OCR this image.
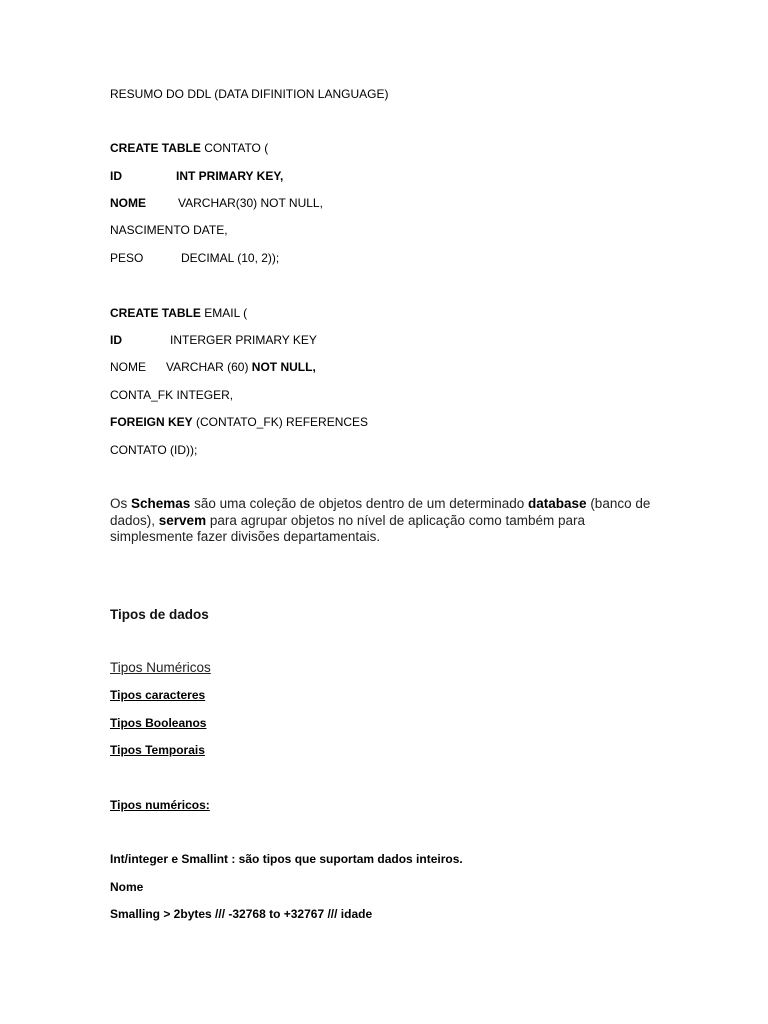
RESUMO DO DDL (DATA DIFINITION LANGUAGE)

CREATE TABLE CONTATO (

ID	INT PRIMARY KEY,

NOME	VARCHAR(30) NOT NULL,

NASCIMENTO DATE,

PESO	DECIMAL (10, 2));

CREATE TABLE EMAIL (

ID	INTERGER PRIMARY KEY

NOME VARCHAR (60) NOT NULL,

CONTA_FK INTEGER,

FOREIGN KEY (CONTATO_FK) REFERENCES

CONTATO (ID));

Os Schemas são uma coleção de objetos dentro de um determinado database (banco de dados), servem para agrupar objetos no nível de aplicação como também para simplesmente fazer divisões departamentais.

Tipos de dados

Tipos Numéricos

Tipos caracteres

Tipos Booleanos

Tipos Temporais

Tipos numéricos:

Int/integer e Smallint : são tipos que suportam dados inteiros.

Nome

Smalling > 2bytes /// -32768 to +32767 /// idade
